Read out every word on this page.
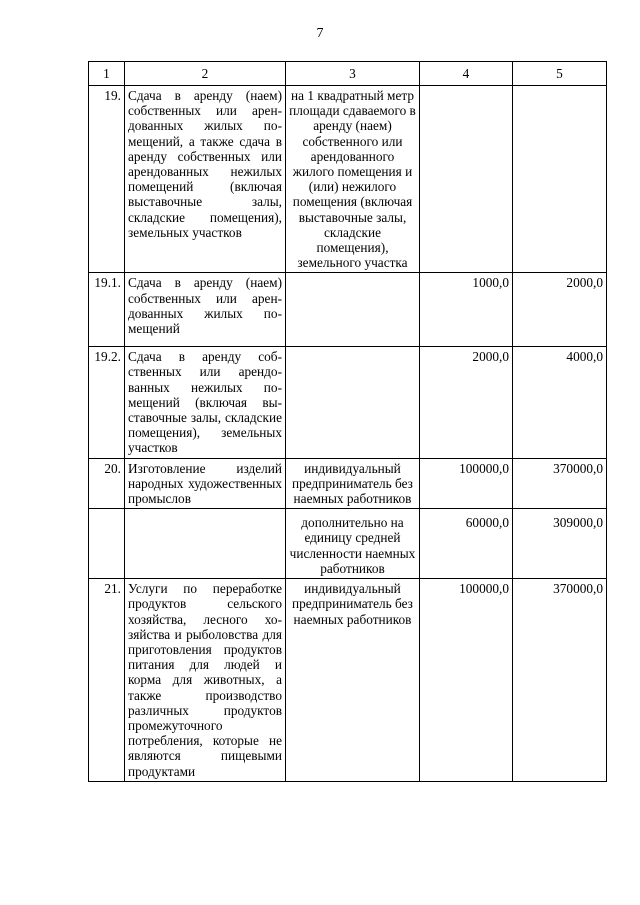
7
1	2	3	4	5
19.	Сдача в аренду (наем) собственных или арендованных жилых помещений, а также сдача в аренду собственных или арендованных нежилых помещений (включая выставочные залы, складские помещения), земельных участков	на 1 квадратный метр площади сдаваемого в аренду (наем) собственного или арендованного жилого помещения и (или) нежилого помещения (включая выставочные залы, складские помещения), земельного участка		
19.1.	Сдача в аренду (наем) собственных или арендованных жилых помещений		1000,0	2000,0
19.2.	Сдача в аренду собственных или арендованных нежилых помещений (включая выставочные залы, складские помещения), земельных участков		2000,0	4000,0
20.	Изготовление изделий народных художественных промыслов	индивидуальный предприниматель без наемных работников	100000,0	370000,0
		дополнительно на единицу средней численности наемных работников	60000,0	309000,0
21.	Услуги по переработке продуктов сельского хозяйства, лесного хозяйства и рыболовства для приготовления продуктов питания для людей и корма для животных, а также производство различных продуктов промежуточного потребления, которые не являются пищевыми продуктами	индивидуальный предприниматель без наемных работников	100000,0	370000,0
